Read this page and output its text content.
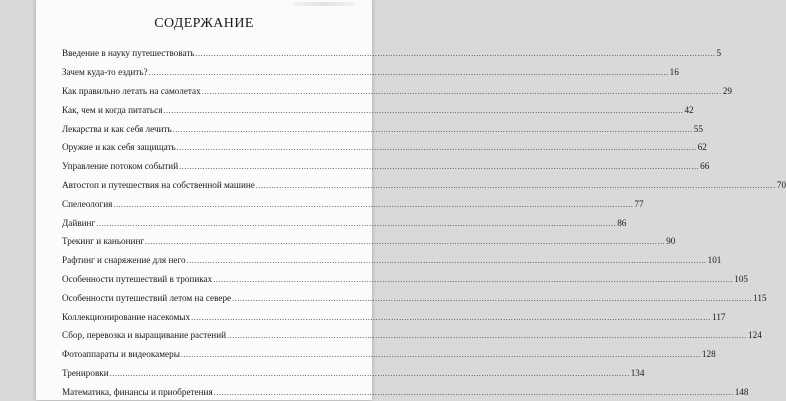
СОДЕРЖАНИЕ
Введение в науку путешествовать ........................................................................................................................................................................................................ 5
Зачем куда-то ездить? ........................................................................................................................................................................................................ 16
Как правильно летать на самолетах ........................................................................................................................................................................................................ 29
Как, чем и когда питаться ........................................................................................................................................................................................................ 42
Лекарства и как себя лечить ........................................................................................................................................................................................................ 55
Оружие и как себя защищать ........................................................................................................................................................................................................ 62
Управление потоком событий ........................................................................................................................................................................................................ 66
Автостоп и путешествия на собственной машине ........................................................................................................................................................................................................ 70
Спелеология ........................................................................................................................................................................................................ 77
Дайвинг ........................................................................................................................................................................................................ 86
Трекинг и каньонинг ........................................................................................................................................................................................................ 90
Рафтинг и снаряжение для него ........................................................................................................................................................................................................ 101
Особенности путешествий в тропиках ........................................................................................................................................................................................................ 105
Особенности путешествий летом на севере ........................................................................................................................................................................................................ 115
Коллекционирование насекомых ........................................................................................................................................................................................................ 117
Сбор, перевозка и выращивание растений ........................................................................................................................................................................................................ 124
Фотоаппараты и видеокамеры ........................................................................................................................................................................................................ 128
Тренировки ........................................................................................................................................................................................................ 134
Математика, финансы и приобретения ........................................................................................................................................................................................................ 148
